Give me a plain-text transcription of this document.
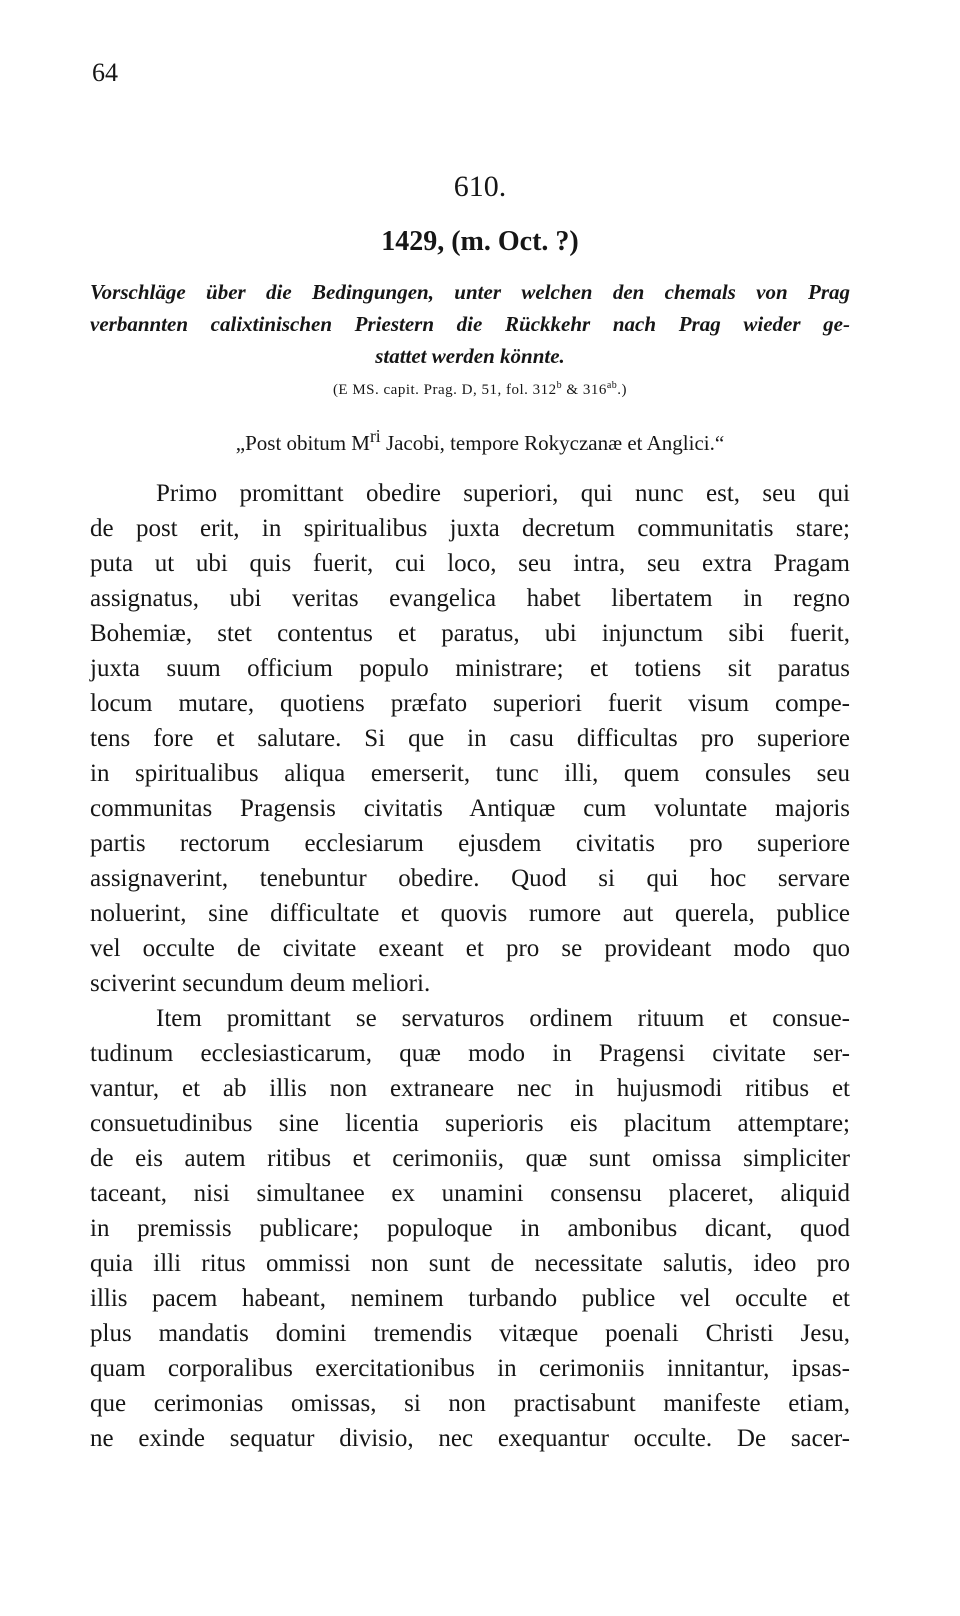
64
610.
1429, (m. Oct. ?)
Vorschläge über die Bedingungen, unter welchen den chemals von Prag
verbannten calixtinischen Priestern die Rückkehr nach Prag wieder ge-
stattet werden könnte.
(E MS. capit. Prag. D, 51, fol. 312$^b$ & $316^{ab}$.)
„Post obitum $M^{ri}$ Jacobi, tempore Rokyczanæ et Anglici.“
Primo promittant obedire superiori, qui nunc est, seu qui
de post erit, in spiritualibus juxta decretum communitatis stare;
puta ut ubi quis fuerit, cui loco, seu intra, seu extra Pragam
assignatus, ubi veritas evangelica habet libertatem in regno
Bohemiæ, stet contentus et paratus, ubi injunctum sibi fuerit,
juxta suum officium populo ministrare; et totiens sit paratus
locum mutare, quotiens præfato superiori fuerit visum compe-
tens fore et salutare. Si que in casu difficultas pro superiore
in spiritualibus aliqua emerserit, tunc illi, quem consules seu
communitas Pragensis civitatis Antiquæ cum voluntate majoris
partis rectorum ecclesiarum ejusdem civitatis pro superiore
assignaverint, tenebuntur obedire. Quod si qui hoc servare
noluerint, sine difficultate et quovis rumore aut querela, publice
vel occulte de civitate exeant et pro se provideant modo quo
sciverint secundum deum meliori.
Item promittant se servaturos ordinem rituum et consue-
tudinum ecclesiasticarum, quæ modo in Pragensi civitate ser-
vantur, et ab illis non extraneare nec in hujusmodi ritibus et
consuetudinibus sine licentia superioris eis placitum attemptare;
de eis autem ritibus et cerimoniis, quæ sunt omissa simpliciter
taceant, nisi simultanee ex unamini consensu placeret, aliquid
in premissis publicare; populoque in ambonibus dicant, quod
quia illi ritus ommissi non sunt de necessitate salutis, ideo pro
illis pacem habeant, neminem turbando publice vel occulte et
plus mandatis domini tremendis vitæque poenali Christi Jesu,
quam corporalibus exercitationibus in cerimoniis innitantur, ipsas-
que cerimonias omissas, si non practisabunt manifeste etiam,
ne exinde sequatur divisio, nec exequantur occulte. De sacer-
